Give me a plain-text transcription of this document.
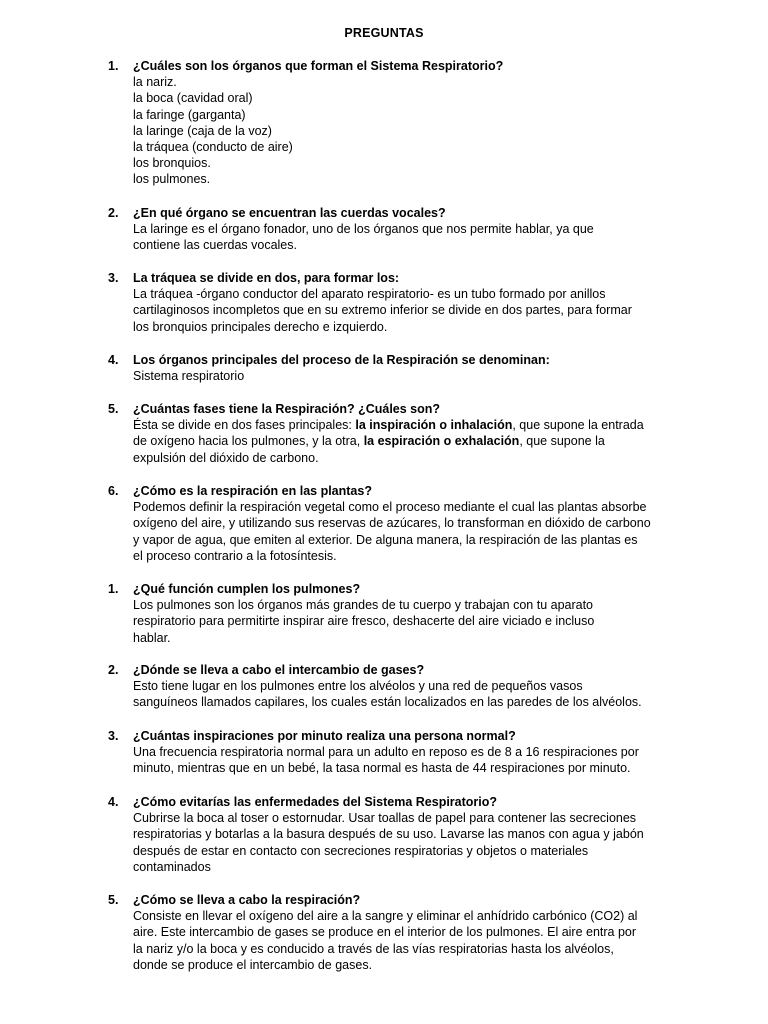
PREGUNTAS
1. ¿Cuáles son los órganos que forman el Sistema Respiratorio?
la nariz.
la boca (cavidad oral)
la faringe (garganta)
la laringe (caja de la voz)
la tráquea (conducto de aire)
los bronquios.
los pulmones.
2. ¿En qué órgano se encuentran las cuerdas vocales?
La laringe es el órgano fonador, uno de los órganos que nos permite hablar, ya que
contiene las cuerdas vocales.
3. La tráquea se divide en dos, para formar los:
La tráquea -órgano conductor del aparato respiratorio- es un tubo formado por anillos
cartilaginosos incompletos que en su extremo inferior se divide en dos partes, para formar
los bronquios principales derecho e izquierdo.
4. Los órganos principales del proceso de la Respiración se denominan:
Sistema respiratorio
5. ¿Cuántas fases tiene la Respiración? ¿Cuáles son?
Ésta se divide en dos fases principales: la inspiración o inhalación, que supone la entrada
de oxígeno hacia los pulmones, y la otra, la espiración o exhalación, que supone la
expulsión del dióxido de carbono.
6. ¿Cómo es la respiración en las plantas?
Podemos definir la respiración vegetal como el proceso mediante el cual las plantas absorbe
oxígeno del aire, y utilizando sus reservas de azúcares, lo transforman en dióxido de carbono
y vapor de agua, que emiten al exterior. De alguna manera, la respiración de las plantas es
el proceso contrario a la fotosíntesis.
1. ¿Qué función cumplen los pulmones?
Los pulmones son los órganos más grandes de tu cuerpo y trabajan con tu aparato
respiratorio para permitirte inspirar aire fresco, deshacerte del aire viciado e incluso
hablar.
2. ¿Dónde se lleva a cabo el intercambio de gases?
Esto tiene lugar en los pulmones entre los alvéolos y una red de pequeños vasos
sanguíneos llamados capilares, los cuales están localizados en las paredes de los alvéolos.
3. ¿Cuántas inspiraciones por minuto realiza una persona normal?
Una frecuencia respiratoria normal para un adulto en reposo es de 8 a 16 respiraciones por
minuto, mientras que en un bebé, la tasa normal es hasta de 44 respiraciones por minuto.
4. ¿Cómo evitarías las enfermedades del Sistema Respiratorio?
Cubrirse la boca al toser o estornudar. Usar toallas de papel para contener las secreciones
respiratorias y botarlas a la basura después de su uso. Lavarse las manos con agua y jabón
después de estar en contacto con secreciones respiratorias y objetos o materiales
contaminados
5. ¿Cómo se lleva a cabo la respiración?
Consiste en llevar el oxígeno del aire a la sangre y eliminar el anhídrido carbónico (CO2) al
aire. Este intercambio de gases se produce en el interior de los pulmones. El aire entra por
la nariz y/o la boca y es conducido a través de las vías respiratorias hasta los alvéolos,
donde se produce el intercambio de gases.
